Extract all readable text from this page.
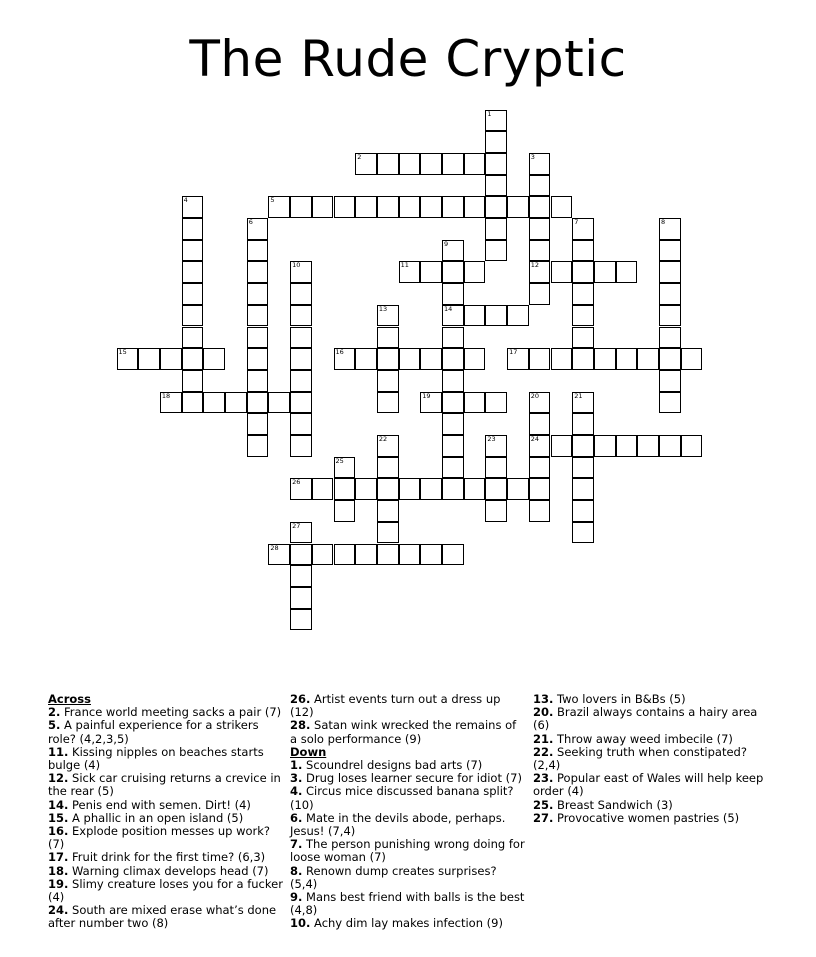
The Rude Cryptic
1
2	3
12
4	5
6	7	8
9
14
10	11
13
15	16	17
18	19	20
24
21
22	23
25
26
27
28
Across
2. France world meeting sacks a pair (7)
5. A painful experience for a strikers role? (4,2,3,5)
11. Kissing nipples on beaches starts bulge (4)
12. Sick car cruising returns a crevice in the rear (5)
14. Penis end with semen. Dirt! (4)
15. A phallic in an open island (5)
16. Explode position messes up work? (7)
17. Fruit drink for the first time? (6,3)
18. Warning climax develops head (7)
19. Slimy creature loses you for a fucker (4)
24. South are mixed erase what’s done after number two (8)
26. Artist events turn out a dress up (12)
28. Satan wink wrecked the remains of a solo performance (9)
Down
1. Scoundrel designs bad arts (7)
3. Drug loses learner secure for idiot (7)
4. Circus mice discussed banana split? (10)
6. Mate in the devils abode, perhaps. Jesus! (7,4)
7. The person punishing wrong doing for loose woman (7)
8. Renown dump creates surprises? (5,4)
9. Mans best friend with balls is the best (4,8)
10. Achy dim lay makes infection (9)
13. Two lovers in B&Bs (5)
20. Brazil always contains a hairy area (6)
21. Throw away weed imbecile (7)
22. Seeking truth when constipated? (2,4)
23. Popular east of Wales will help keep order (4)
25. Breast Sandwich (3)
27. Provocative women pastries (5)
